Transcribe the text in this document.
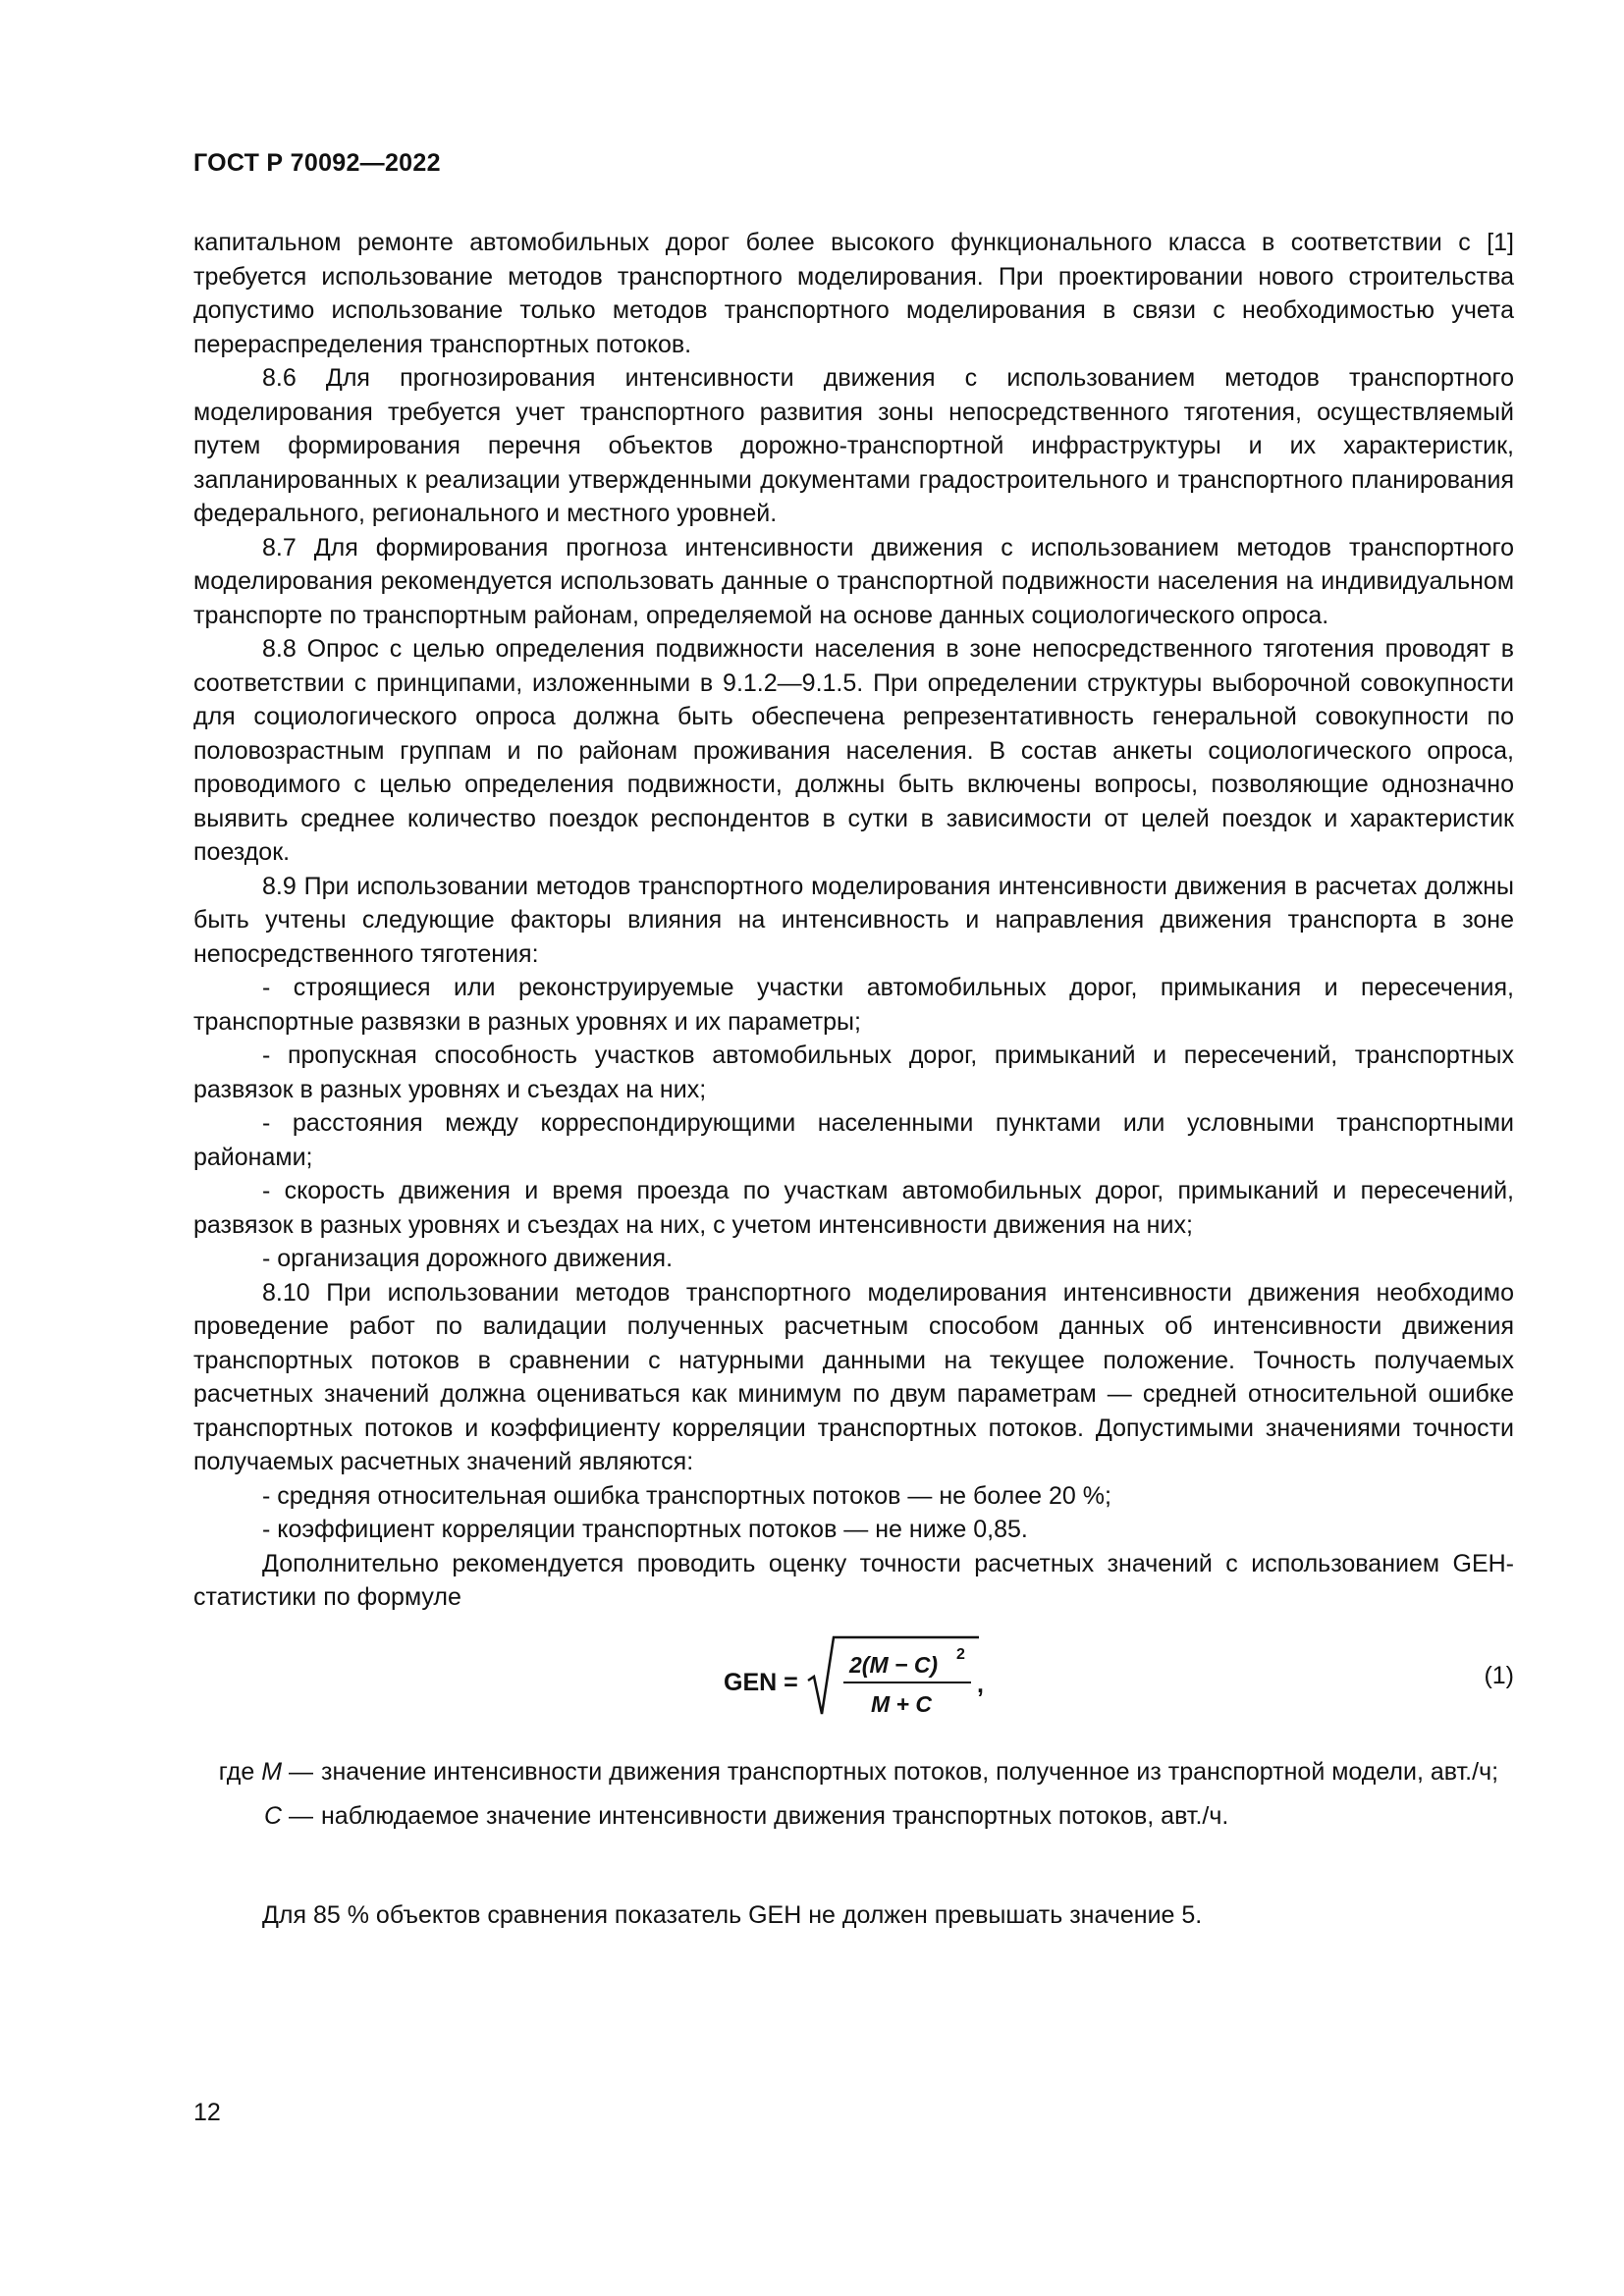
ГОСТ Р 70092—2022

капитальном ремонте автомобильных дорог более высокого функционального класса в соответствии с [1] требуется использование методов транспортного моделирования. При проектировании нового строительства допустимо использование только методов транспортного моделирования в связи с необходимостью учета перераспределения транспортных потоков.

8.6 Для прогнозирования интенсивности движения с использованием методов транспортного моделирования требуется учет транспортного развития зоны непосредственного тяготения, осуществляемый путем формирования перечня объектов дорожно-транспортной инфраструктуры и их характеристик, запланированных к реализации утвержденными документами градостроительного и транспортного планирования федерального, регионального и местного уровней.

8.7 Для формирования прогноза интенсивности движения с использованием методов транспортного моделирования рекомендуется использовать данные о транспортной подвижности населения на индивидуальном транспорте по транспортным районам, определяемой на основе данных социологического опроса.

8.8 Опрос с целью определения подвижности населения в зоне непосредственного тяготения проводят в соответствии с принципами, изложенными в 9.1.2—9.1.5. При определении структуры выборочной совокупности для социологического опроса должна быть обеспечена репрезентативность генеральной совокупности по половозрастным группам и по районам проживания населения. В состав анкеты социологического опроса, проводимого с целью определения подвижности, должны быть включены вопросы, позволяющие однозначно выявить среднее количество поездок респондентов в сутки в зависимости от целей поездок и характеристик поездок.

8.9 При использовании методов транспортного моделирования интенсивности движения в расчетах должны быть учтены следующие факторы влияния на интенсивность и направления движения транспорта в зоне непосредственного тяготения:

- строящиеся или реконструируемые участки автомобильных дорог, примыкания и пересечения, транспортные развязки в разных уровнях и их параметры;

- пропускная способность участков автомобильных дорог, примыканий и пересечений, транспортных развязок в разных уровнях и съездах на них;

- расстояния между корреспондирующими населенными пунктами или условными транспортными районами;

- скорость движения и время проезда по участкам автомобильных дорог, примыканий и пересечений, развязок в разных уровнях и съездах на них, с учетом интенсивности движения на них;

- организация дорожного движения.

8.10 При использовании методов транспортного моделирования интенсивности движения необходимо проведение работ по валидации полученных расчетным способом данных об интенсивности движения транспортных потоков в сравнении с натурными данными на текущее положение. Точность получаемых расчетных значений должна оцениваться как минимум по двум параметрам — средней относительной ошибке транспортных потоков и коэффициенту корреляции транспортных потоков. Допустимыми значениями точности получаемых расчетных значений являются:

- средняя относительная ошибка транспортных потоков — не более 20 %;

- коэффициент корреляции транспортных потоков — не ниже 0,85.

Дополнительно рекомендуется проводить оценку точности расчетных значений с использованием GEH-статистики по формуле

GEN =
2(M − C) 2
M + C
,	(1)
где M — значение интенсивности движения транспортных потоков, полученное из транспортной модели, авт./ч;
C — наблюдаемое значение интенсивности движения транспортных потоков, авт./ч.
Для 85 % объектов сравнения показатель GEH не должен превышать значение 5.
12
